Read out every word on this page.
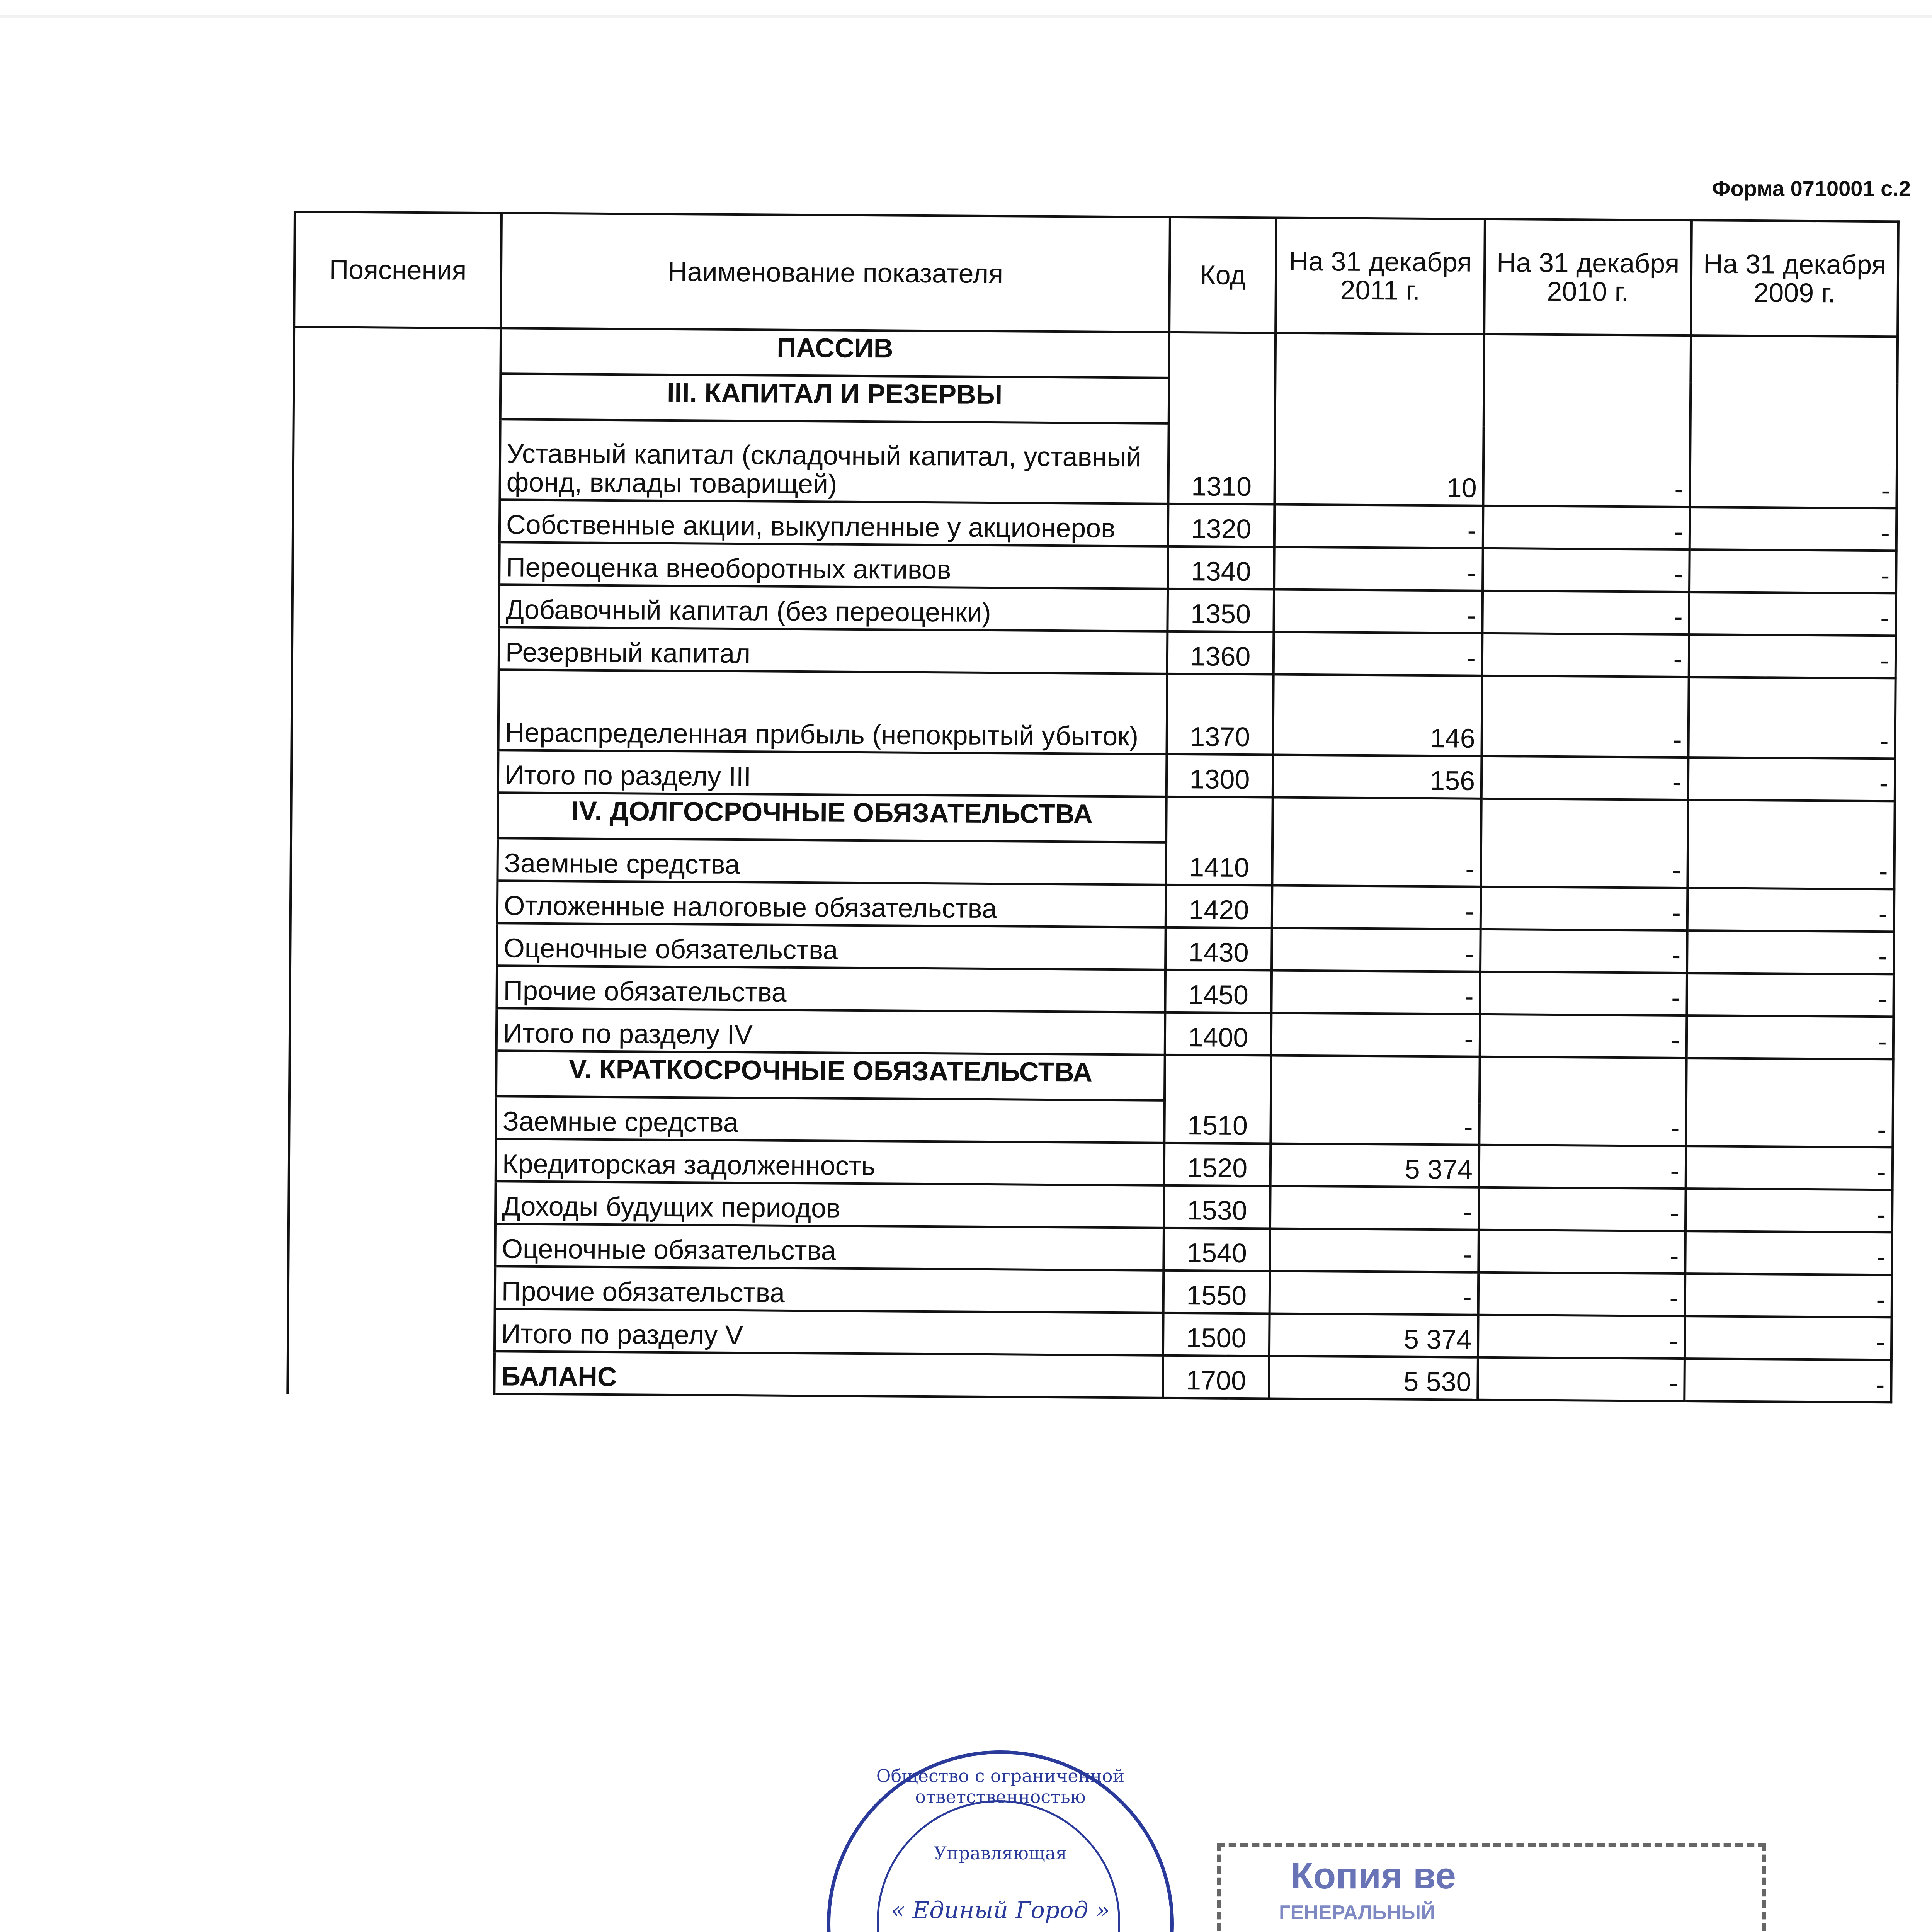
Форма 0710001 с.2
Пояснения	Наименование показателя	Код	На 31 декабря 2011 г.	На 31 декабря 2010 г.	На 31 декабря 2009 г.
	ПАССИВ				
	III. КАПИТАЛ И РЕЗЕРВЫ				
	Уставный капитал (складочный капитал, уставный фонд, вклады товарищей)	1310	10	-	-
	Собственные акции, выкупленные у акционеров	1320	-	-	-
	Переоценка внеоборотных активов	1340	-	-	-
	Добавочный капитал (без переоценки)	1350	-	-	-
	Резервный капитал	1360	-	-	-
	Нераспределенная прибыль (непокрытый убыток)	1370	146	-	-
	Итого по разделу III	1300	156	-	-
	IV. ДОЛГОСРОЧНЫЕ ОБЯЗАТЕЛЬСТВА				
	Заемные средства	1410	-	-	-
	Отложенные налоговые обязательства	1420	-	-	-
	Оценочные обязательства	1430	-	-	-
	Прочие обязательства	1450	-	-	-
	Итого по разделу IV	1400	-	-	-
	V. КРАТКОСРОЧНЫЕ ОБЯЗАТЕЛЬСТВА				
	Заемные средства	1510	-	-	-
	Кредиторская задолженность	1520	5 374	-	-
	Доходы будущих периодов	1530	-	-	-
	Оценочные обязательства	1540	-	-	-
	Прочие обязательства	1550	-	-	-
	Итого по разделу V	1500	5 374	-	-
	БАЛАНС	1700	5 530	-	-
Общество с ограниченной ответственностью
Управляющая
« Единый Город »
Копия ве
ГЕНЕРАЛЬНЫЙ
